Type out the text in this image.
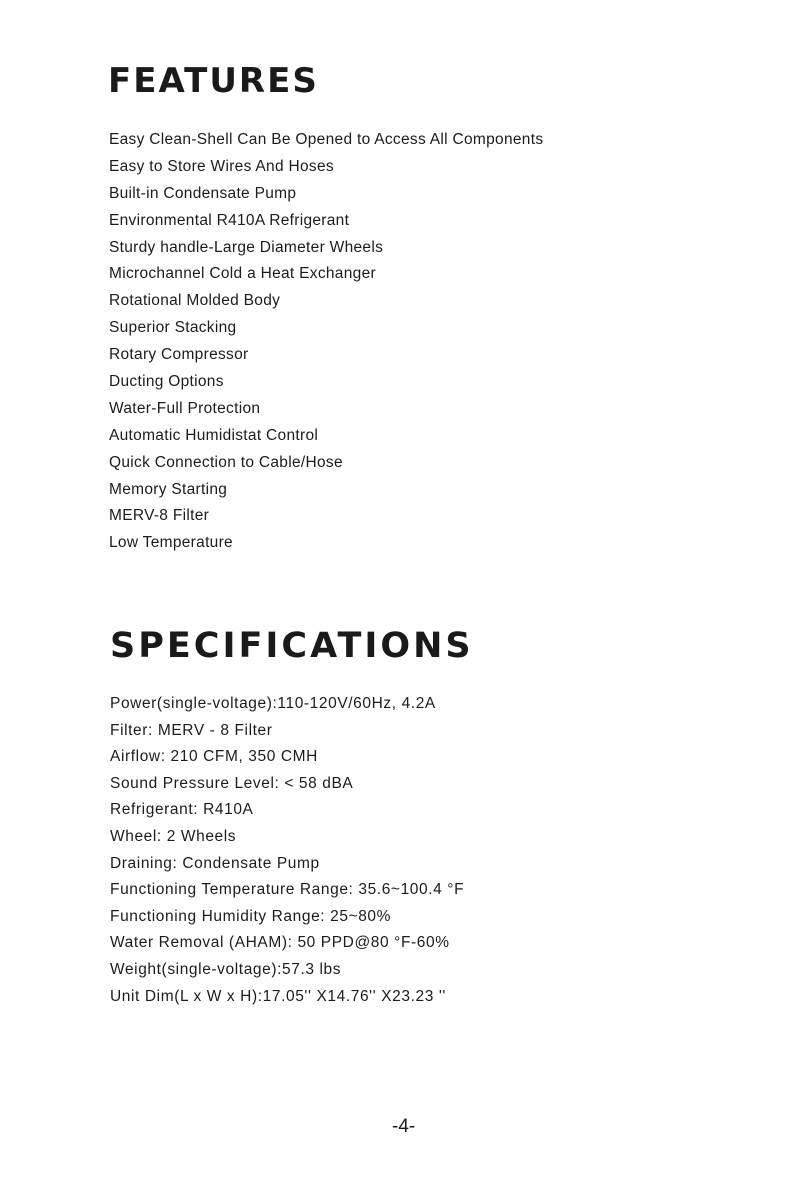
FEATURES
Easy Clean-Shell Can Be Opened to Access All Components
Easy to Store Wires And Hoses
Built-in Condensate Pump
Environmental R410A Refrigerant
Sturdy handle-Large Diameter Wheels
Microchannel Cold a Heat Exchanger
Rotational Molded Body
Superior Stacking
Rotary Compressor
Ducting Options
Water-Full Protection
Automatic Humidistat Control
Quick Connection to Cable/Hose
Memory Starting
MERV-8 Filter
Low Temperature
SPECIFICATIONS
Power(single-voltage):110-120V/60Hz, 4.2A
Filter: MERV - 8 Filter
Airflow: 210 CFM, 350 CMH
Sound Pressure Level: < 58 dBA
Refrigerant: R410A
Wheel: 2 Wheels
Draining: Condensate Pump
Functioning Temperature Range: 35.6~100.4 °F
Functioning Humidity Range: 25~80%
Water Removal (AHAM): 50 PPD@80 °F-60%
Weight(single-voltage):57.3 lbs
Unit Dim(L x W x H):17.05'' X14.76'' X23.23 ''
-4-
